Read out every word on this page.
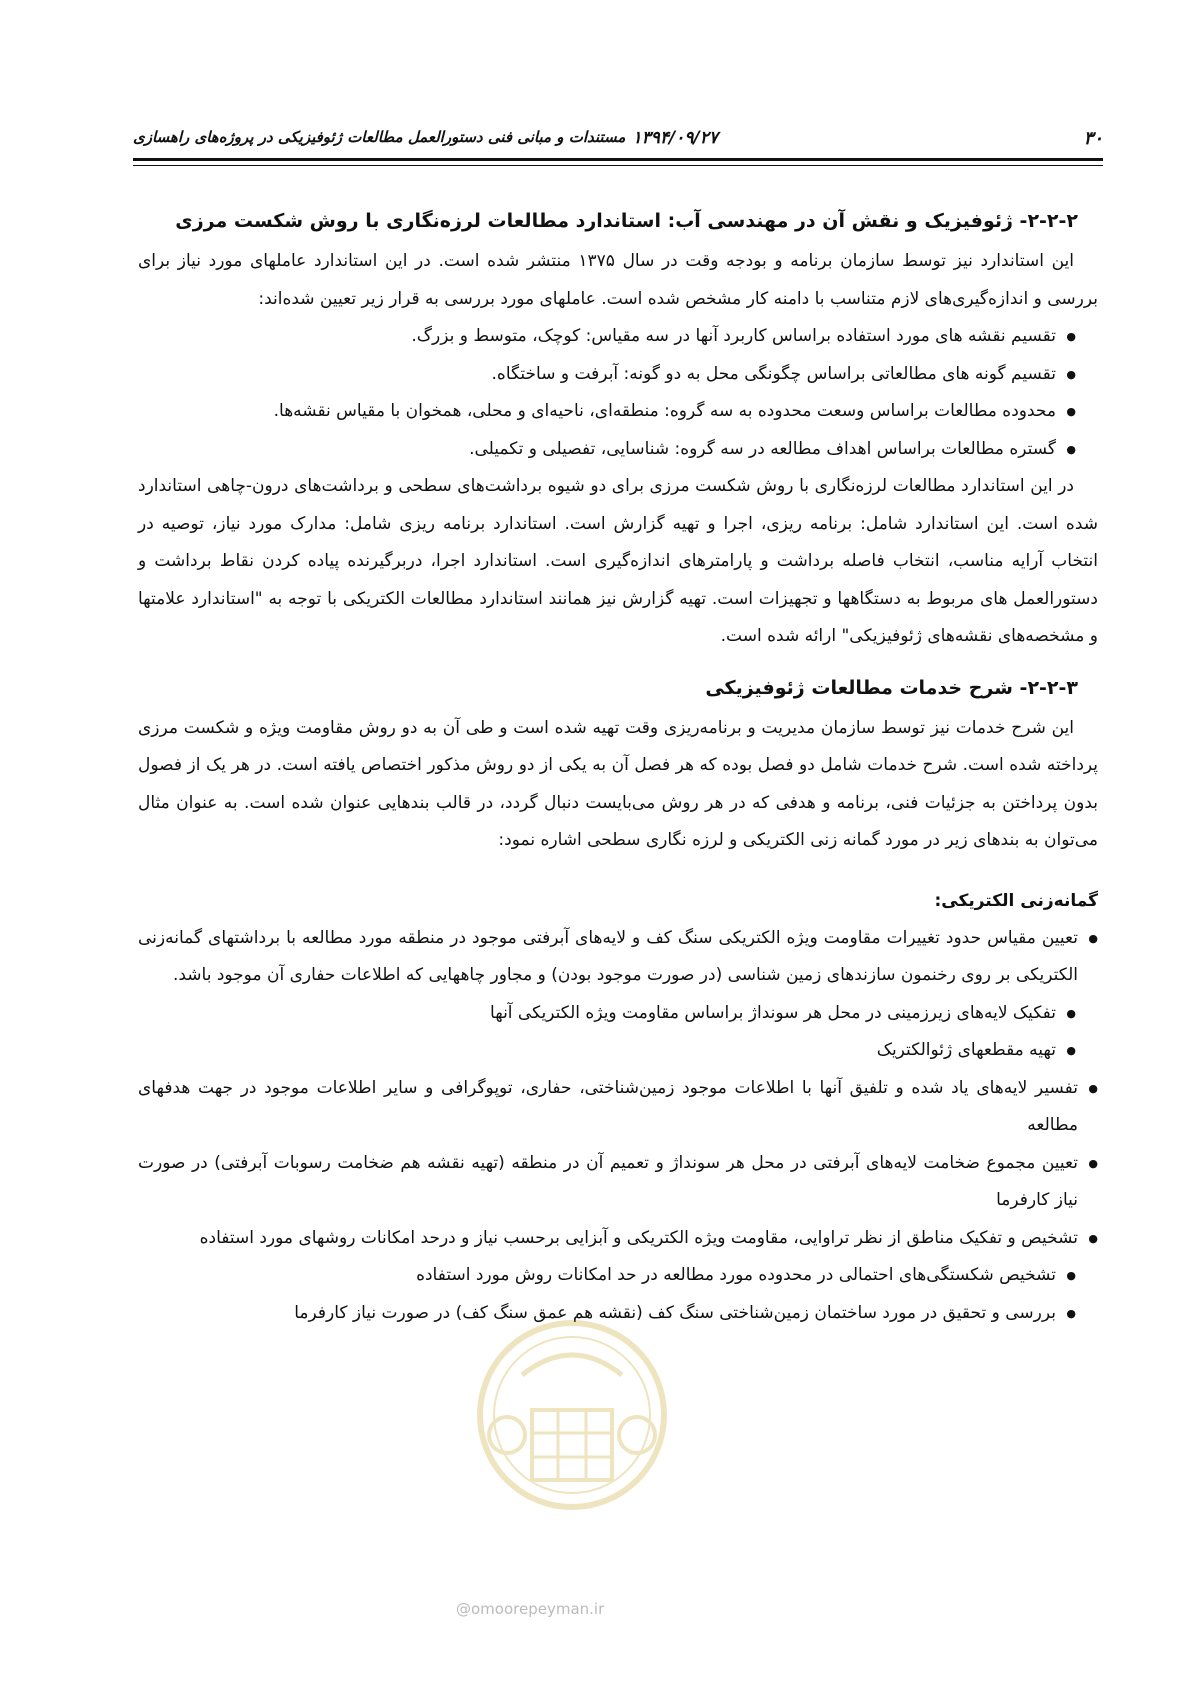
۳۰
۱۳۹۴/۰۹/۲۷
مستندات و مبانی فنی دستورالعمل مطالعات ژئوفیزیکی در پروژه‌های راهسازی
۲-۲-۲- ژئوفیزیک و نقش آن در مهندسی آب: استاندارد مطالعات لرزه‌نگاری با روش شکست مرزی

این استاندارد نیز توسط سازمان برنامه و بودجه وقت در سال ۱۳۷۵ منتشر شده است. در این استاندارد عاملهای مورد نیاز برای بررسی و اندازه‌گیری‌های لازم متناسب با دامنه کار مشخص شده است. عاملهای مورد بررسی به قرار زیر تعیین شده‌اند:

● تقسیم نقشه های مورد استفاده براساس کاربرد آنها در سه مقیاس: کوچک، متوسط و بزرگ.
● تقسیم گونه های مطالعاتی براساس چگونگی محل به دو گونه: آبرفت و ساختگاه.
● محدوده مطالعات براساس وسعت محدوده به سه گروه: منطقه‌ای، ناحیه‌ای و محلی، همخوان با مقیاس نقشه‌ها.
● گستره مطالعات براساس اهداف مطالعه در سه گروه: شناسایی، تفصیلی و تکمیلی.

در این استاندارد مطالعات لرزه‌نگاری با روش شکست مرزی برای دو شیوه برداشت‌های سطحی و برداشت‌های درون-چاهی استاندارد شده است. این استاندارد شامل: برنامه ریزی، اجرا و تهیه گزارش است. استاندارد برنامه ریزی شامل: مدارک مورد نیاز، توصیه در انتخاب آرایه مناسب، انتخاب فاصله برداشت و پارامترهای اندازه‌گیری است. استاندارد اجرا، دربرگیرنده پیاده کردن نقاط برداشت و دستورالعمل های مربوط به دستگاهها و تجهیزات است. تهیه گزارش نیز همانند استاندارد مطالعات الکتریکی با توجه به "استاندارد علامتها و مشخصه‌های نقشه‌های ژئوفیزیکی" ارائه شده است.

۲-۲-۳- شرح خدمات مطالعات ژئوفیزیکی

این شرح خدمات نیز توسط سازمان مدیریت و برنامه‌ریزی وقت تهیه شده است و طی آن به دو روش مقاومت ویژه و شکست مرزی پرداخته شده است. شرح خدمات شامل دو فصل بوده که هر فصل آن به یکی از دو روش مذکور اختصاص یافته است. در هر یک از فصول بدون پرداختن به جزئیات فنی، برنامه و هدفی که در هر روش می‌بایست دنبال گردد، در قالب بندهایی عنوان شده است. به عنوان مثال می‌توان به بندهای زیر در مورد گمانه زنی الکتریکی و لرزه نگاری سطحی اشاره نمود:

گمانه‌زنی الکتریکی:
● تعیین مقیاس حدود تغییرات مقاومت ویژه الکتریکی سنگ کف و لایه‌های آبرفتی موجود در منطقه مورد مطالعه با برداشتهای گمانه‌زنی الکتریکی بر روی رخنمون سازندهای زمین شناسی (در صورت موجود بودن) و مجاور چاههایی که اطلاعات حفاری آن موجود باشد.
● تفکیک لایه‌های زیرزمینی در محل هر سونداژ براساس مقاومت ویژه الکتریکی آنها
● تهیه مقطعهای ژئوالکتریک
● تفسیر لایه‌های یاد شده و تلفیق آنها با اطلاعات موجود زمین‌شناختی، حفاری، توپوگرافی و سایر اطلاعات موجود در جهت هدفهای مطالعه
● تعیین مجموع ضخامت لایه‌های آبرفتی در محل هر سونداژ و تعمیم آن در منطقه (تهیه نقشه هم ضخامت رسوبات آبرفتی) در صورت نیاز کارفرما
● تشخیص و تفکیک مناطق از نظر تراوایی، مقاومت ویژه الکتریکی و آبزایی برحسب نیاز و درحد امکانات روشهای مورد استفاده
● تشخیص شکستگی‌های احتمالی در محدوده مورد مطالعه در حد امکانات روش مورد استفاده
● بررسی و تحقیق در مورد ساختمان زمین‌شناختی سنگ کف (نقشه هم عمق سنگ کف) در صورت نیاز کارفرما
@omoorepeyman.ir
